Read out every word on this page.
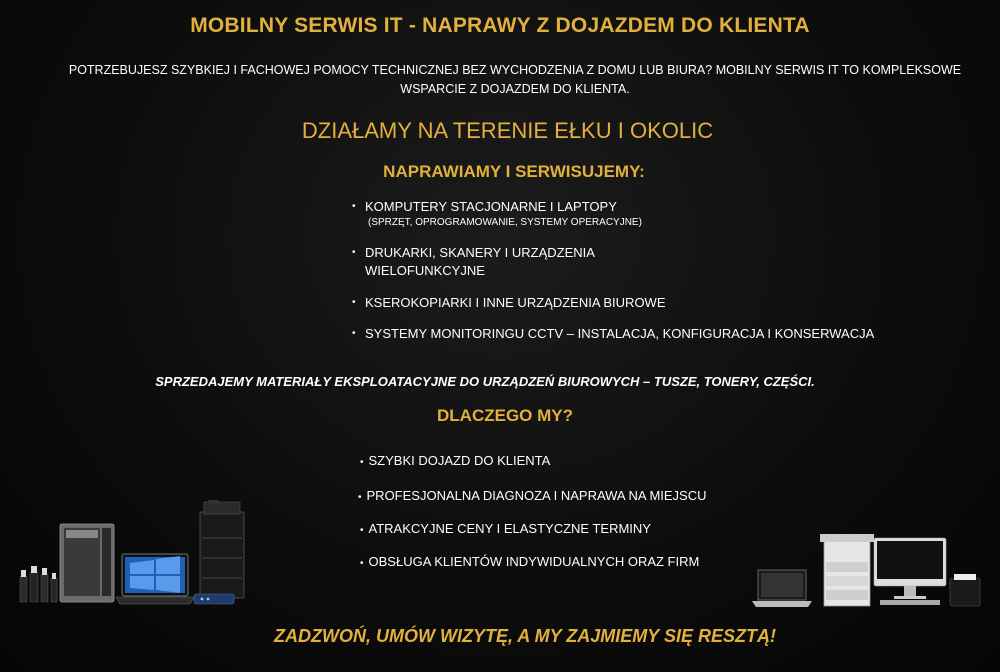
MOBILNY SERWIS IT - NAPRAWY Z DOJAZDEM DO KLIENTA
POTRZEBUJESZ SZYBKIEJ I FACHOWEJ POMOCY TECHNICZNEJ BEZ WYCHODZENIA Z DOMU LUB BIURA? MOBILNY SERWIS IT TO KOMPLEKSOWE
WSPARCIE Z DOJAZDEM DO KLIENTA.
DZIAŁAMY NA TERENIE EŁKU I OKOLIC
NAPRAWIAMY I SERWISUJEMY:
• KOMPUTERY STACJONARNE I LAPTOPY
(SPRZĘT, OPROGRAMOWANIE, SYSTEMY OPERACYJNE)
• DRUKARKI, SKANERY I URZĄDZENIA
WIELOFUNKCYJNE
• KSEROKOPIARKI I INNE URZĄDZENIA BIUROWE
• SYSTEMY MONITORINGU CCTV – INSTALACJA, KONFIGURACJA I KONSERWACJA
SPRZEDAJEMY MATERIAŁY EKSPLOATACYJNE DO URZĄDZEŃ BIUROWYCH – TUSZE, TONERY, CZĘŚCI.
DLACZEGO MY?
• SZYBKI DOJAZD DO KLIENTA
• PROFESJONALNA DIAGNOZA I NAPRAWA NA MIEJSCU
• ATRAKCYJNE CENY I ELASTYCZNE TERMINY
• OBSŁUGA KLIENTÓW INDYWIDUALNYCH ORAZ FIRM
ZADZWOŃ, UMÓW WIZYTĘ, A MY ZAJMIEMY SIĘ RESZTĄ!
